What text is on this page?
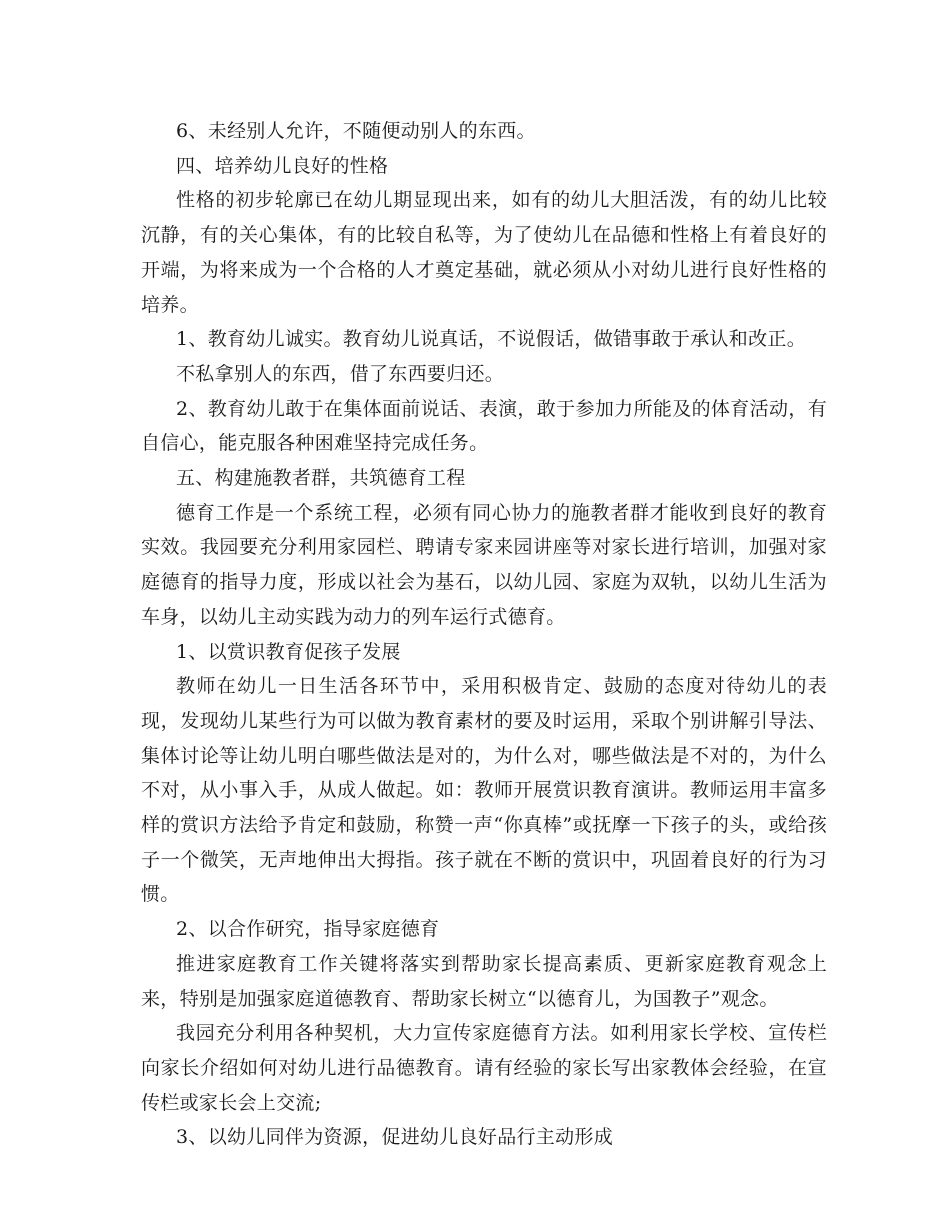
6、未经别人允许，不随便动别人的东西。

四、培养幼儿良好的性格

性格的初步轮廓已在幼儿期显现出来，如有的幼儿大胆活泼，有的幼儿比较沉静，有的关心集体，有的比较自私等，为了使幼儿在品德和性格上有着良好的开端，为将来成为一个合格的人才奠定基础，就必须从小对幼儿进行良好性格的培养。

1、教育幼儿诚实。教育幼儿说真话，不说假话，做错事敢于承认和改正。

不私拿别人的东西，借了东西要归还。

2、教育幼儿敢于在集体面前说话、表演，敢于参加力所能及的体育活动，有自信心，能克服各种困难坚持完成任务。

五、构建施教者群，共筑德育工程

德育工作是一个系统工程，必须有同心协力的施教者群才能收到良好的教育实效。我园要充分利用家园栏、聘请专家来园讲座等对家长进行培训，加强对家庭德育的指导力度，形成以社会为基石，以幼儿园、家庭为双轨，以幼儿生活为车身，以幼儿主动实践为动力的列车运行式德育。

1、以赏识教育促孩子发展

教师在幼儿一日生活各环节中，采用积极肯定、鼓励的态度对待幼儿的表现，发现幼儿某些行为可以做为教育素材的要及时运用，采取个别讲解引导法、集体讨论等让幼儿明白哪些做法是对的，为什么对，哪些做法是不对的，为什么不对，从小事入手，从成人做起。如：教师开展赏识教育演讲。教师运用丰富多样的赏识方法给予肯定和鼓励，称赞一声“你真棒”或抚摩一下孩子的头，或给孩子一个微笑，无声地伸出大拇指。孩子就在不断的赏识中，巩固着良好的行为习惯。

2、以合作研究，指导家庭德育

推进家庭教育工作关键将落实到帮助家长提高素质、更新家庭教育观念上来，特别是加强家庭道德教育、帮助家长树立“以德育儿，为国教子”观念。

我园充分利用各种契机，大力宣传家庭德育方法。如利用家长学校、宣传栏向家长介绍如何对幼儿进行品德教育。请有经验的家长写出家教体会经验，在宣传栏或家长会上交流;

3、以幼儿同伴为资源，促进幼儿良好品行主动形成
